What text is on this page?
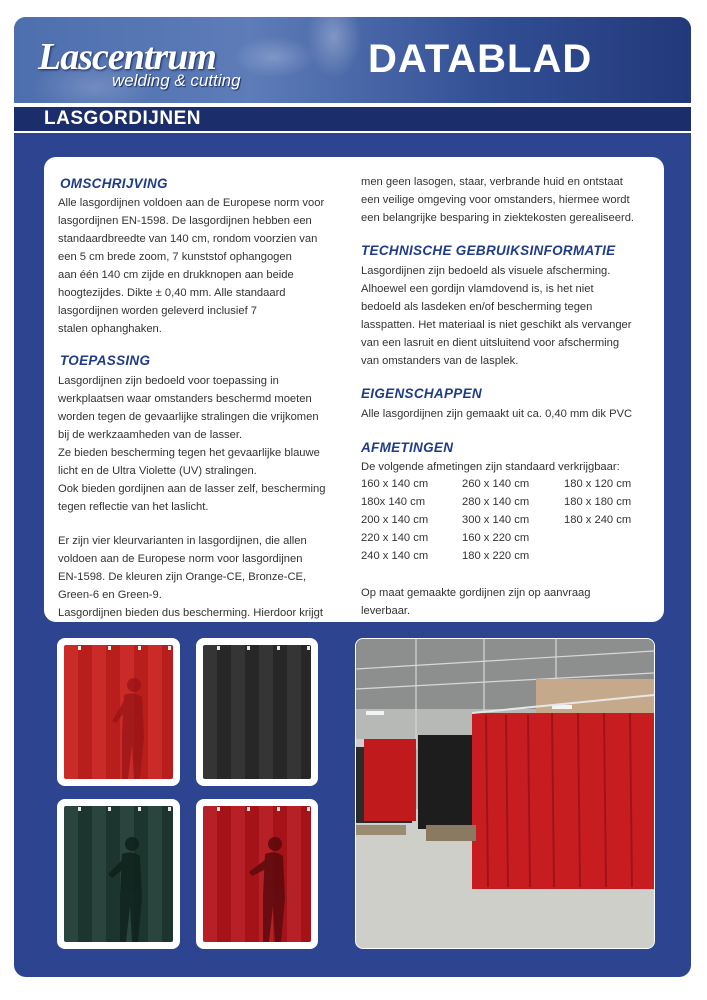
Lascentrum
welding & cutting	DATABLAD
LASGORDIJNEN
OMSCHRIJVING
Alle lasgordijnen voldoen aan de Europese norm voor
lasgordijnen EN-1598. De lasgordijnen hebben een
standaardbreedte van 140 cm, rondom voorzien van
een 5 cm brede zoom, 7 kunststof ophangogen
aan één 140 cm zijde en drukknopen aan beide
hoogtezijdes. Dikte ± 0,40 mm. Alle standaard
lasgordijnen worden geleverd inclusief 7
stalen ophanghaken.
TOEPASSING
Lasgordijnen zijn bedoeld voor toepassing in
werkplaatsen waar omstanders beschermd moeten
worden tegen de gevaarlijke stralingen die vrijkomen
bij de werkzaamheden van de lasser.
Ze bieden bescherming tegen het gevaarlijke blauwe
licht en de Ultra Violette (UV) stralingen.
Ook bieden gordijnen aan de lasser zelf, bescherming
tegen reflectie van het laslicht.
Er zijn vier kleurvarianten in lasgordijnen, die allen
voldoen aan de Europese norm voor lasgordijnen
EN-1598. De kleuren zijn Orange-CE, Bronze-CE,
Green-6 en Green-9.
Lasgordijnen bieden dus bescherming. Hierdoor krijgt
men geen lasogen, staar, verbrande huid en ontstaat
een veilige omgeving voor omstanders, hiermee wordt
een belangrijke besparing in ziektekosten gerealiseerd.
TECHNISCHE GEBRUIKSINFORMATIE
Lasgordijnen zijn bedoeld als visuele afscherming.
Alhoewel een gordijn vlamdovend is, is het niet
bedoeld als lasdeken en/of bescherming tegen
lasspatten. Het materiaal is niet geschikt als vervanger
van een lasruit en dient uitsluitend voor afscherming
van omstanders van de lasplek.
EIGENSCHAPPEN
Alle lasgordijnen zijn gemaakt uit ca. 0,40 mm dik PVC
AFMETINGEN
De volgende afmetingen zijn standaard verkrijgbaar:
160 x 140 cm	260 x 140 cm	180 x 120 cm
180x 140 cm	280 x 140 cm	180 x 180 cm
200 x 140 cm	300 x 140 cm	180 x 240 cm
220 x 140 cm	160 x 220 cm	
240 x 140 cm	180 x 220 cm	
Op maat gemaakte gordijnen zijn op aanvraag
leverbaar.
